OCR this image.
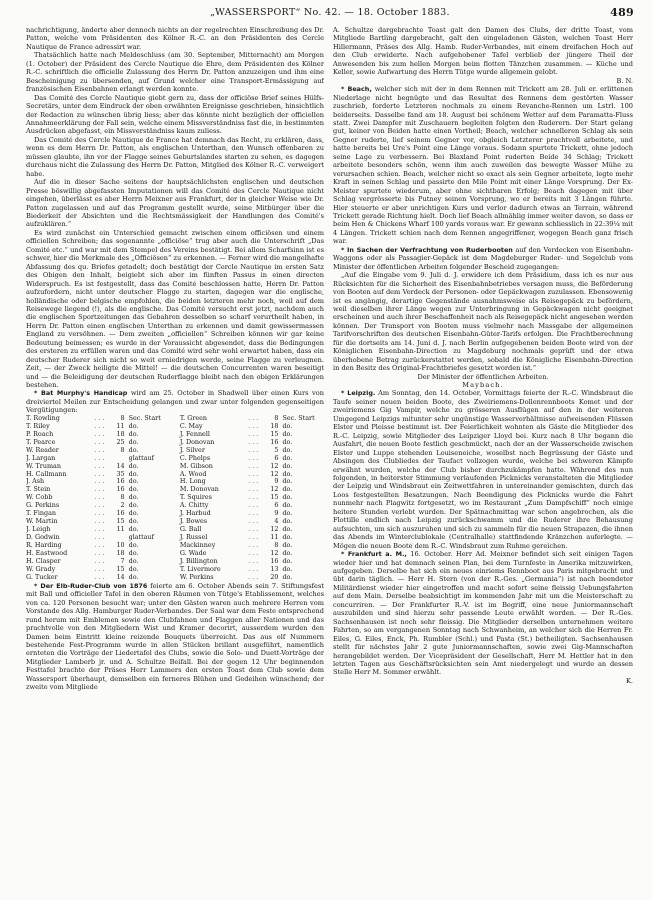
„WASSERSPORT“ No. 42. — 18. October 1883.	489

nachrichtigung, änderte aber dennoch nichts an der regelrechten Einschreibung des Dr. Patton, welche vom Präsidenten des Kölner R.-C. an den Präsidenten des Cercle Nautique de France adressirt war.

Thatsächlich hatte nach Meldeschluss (am 30. September, Mitternacht) am Morgen (1. October) der Präsident des Cercle Nautique die Ehre, dem Präsidenten des Kölner R.-C. schriftlich die officielle Zulassung des Herrn Dr. Patton anzuzeigen und ihm eine Bescheinigung zu übersenden, auf Grund welcher eine Transport-Ermässigung auf französischen Eisenbahnen erlangt werden konnte.

Das Comité des Cercle Nautique giebt gern zu, dass der officiöse Brief seines Hülfs-Secretärs, unter dem Eindruck der oben erwähnten Ereignisse geschrieben, hinsichtlich der Redaction zu wünschen übrig liess; aber das könnte nicht bezüglich der officiellen Annahmeerklärung der Fall sein, welche einem Missverständniss fast die, in bestimmten Ausdrücken abgefasst, ein Missverständniss kaum zuliess.

Das Comité des Cercle Nautique de France hat demnach das Recht, zu erklären, dass, wenn es dem Herrn Dr. Patton, als englischen Unterthan, den Wunsch offenbaren zu müssen glaubte, ihn vor der Flagge seines Geburtslandes starten zu sehen, es dagegen durchaus nicht die Zulassung des Herrn Dr. Patton, Mitglied des Kölner R.-C. verweigert habe.

Auf die in dieser Sache seitens der hauptsächlichsten englischen und deutschen Presse böswillig abgefassten Imputationen will das Comité des Cercle Nautique nicht eingehen, überlässt es aber Herrn Meixner aus Frankfurt, der in gleicher Weise wie Dr. Patton zugelassen und auf das Programm gestellt wurde, seine Mitbürger über die Biederkeit der Absichten und die Rechtsmässigkeit der Handlungen des Comité's aufzuklären.“

Es wird zunächst ein Unterschied gemacht zwischen einem officiösen und einem officiellen Schreiben; das sogenannte „officiöse“ trug aber auch die Unterschrift „Das Comité etc.“ und war mit dem Stempel des Vereins bestätigt. Bei allem Scharfsinn ist es schwer, hier die Merkmale des „Officiösen“ zu erkennen. — Ferner wird die mangelhafte Abfassung des qu. Briefes getadelt; doch bestätigt der Cercle Nautique im ersten Satz des Obigen den Inhalt, beigiebt sich aber im fünften Passus in einen directen Widerspruch. Es ist festgestellt, dass das Comité beschlossen hatte, Herrn Dr. Patton aufzufordern, nicht unter deutscher Flagge zu starten, dagegen war die englische, holländische oder belgische empfohlen, die beiden letzteren mehr noch, weil auf dem Reisewege liegend (!), als die englische. Das Comité versucht erst jetzt, nachdem auch die englischen Sportzeitungen das Gebahren desselben so scharf verurtheilt haben, in Herrn Dr. Patton einen englischen Unterthan zu erkennen und damit gewissermassen England zu versöhnen. — Dem zweiten „officiellen“ Schreiben können wir gar keine Bedeutung beimessen; es wurde in der Voraussicht abgesendet, dass die Bedingungen des ersteren zu erfüllen waren und das Comité wird sehr wohl erwartet haben, dass ein deutscher Ruderer sich nicht so weit erniedrigen werde, seine Flagge zu verleugnen. Zeit, — der Zweck heiligte die Mittel! — die deutschen Concurrenten waren beseitigt und — die Beleidigung der deutschen Ruderflagge bleibt nach den obigen Erklärungen bestehen.

* Bat Murphy's Handicap wird am 25. October in Shadwell über einen Kurs von dreiviertel Meilen zur Entscheidung gelangen und zwar unter folgenden gegenseitigen Vergütigungen:

T. Rowling	. . .	8	Sec. Start		T. Green	. . .	8	Sec. Start
T. Riley	. . .	11	do.		C. May	. . .	18	do.
P. Roach	. . .	18	do.		J. Fennell	. . .	15	do.
T. Pearce	. . .	25	do.		J. Donovan	. . .	16	do.
W. Reader	. . .	8	do.		J. Silver	. . .	5	do.
J. Largan	. . .		glattauf		C. Phelps	. . .	6	do.
W. Truman	. . .	14	do.		M. Gibson	. . .	12	do.
H. Callmann	. . .	35	do.		A. Wood	. . .	12	do.
J. Ash	. . .	16	do.		H. Long	. . .	9	do.
T. Stein	. . .	16	do.		M. Donovan	. . .	12	do.
W. Cobb	. . .	8	do.		T. Squires	. . .	15	do.
G. Perkins	. . .	2	do.		A. Chitty	. . .	6	do.
T. Fingan	. . .	16	do.		J. Harbud	. . .	9	do.
W. Martin	. . .	15	do.		J. Bowes	. . .	4	do.
J. Leigh	. . .	11	do.		G. Ball	. . .	12	do.
D. Godwin	. . .		glattauf		J. Russel	. . .	11	do.
R. Harding	. . .	10	do.		Mackinney	. . .	8	do.
H. Eastwood	. . .	18	do.		G. Wade	. . .	12	do.
H. Clasper	. . .	7	do.		J. Billington	. . .	16	do.
W. Grady	. . .	15	do.		T. Livermore	. . .	13	do.
G. Tucker	. . .	14	do.		W. Perkins	. . .	20	do.

* Der Elb-Ruder-Club von 1876 feierte am 6. October Abends sein 7. Stiftungsfest mit Ball und officieller Tafel in den oberen Räumen von Tütge's Etablissement, welches von ca. 120 Personen besucht war; unter den Gästen waren auch mehrere Herren vom Vorstande des Allg. Hamburger Ruder-Verbandes. Der Saal war dem Feste entsprechend rund herum mit Emblemen sowie den Clubfahnen und Flaggen aller Nationen und das prachtvolle von den Mitgliedern Wist und Kramer decorirt, ausserdem wurden den Damen beim Eintritt kleine reizende Bouquets überreicht. Das aus elf Nummern bestehende Fest-Programm wurde in allen Stücken brillant ausgeführt, namentlich ernteten die Vorträge der Liedertafel des Clubs, sowie die Solo- und Duett-Vorträge der Mitglieder Lamberb jr. und A. Schultze Beifall. Bei der gegen 12 Uhr beginnenden Festtafel brachte der Präses Herr Lammers den ersten Toast dem Club sowie dem Wassersport überhaupt, demselben ein ferneres Blühen und Gedeihen wünschend; der zweite vom Mitgliede

A. Schultze dargebrachte Toast galt den Damen des Clubs, der dritte Toast, vom Mitgliede Bartling dargebracht, galt den eingeladenen Gästen, welchen Toast Herr Hillermann, Präses des Allg. Hamb. Ruder-Verbandes, mit einem dreifachen Hoch auf den Club erwiderte. Nach aufgehobener Tafel verblieb der jüngere Theil der Anwesenden bis zum hellen Morgen beim flotten Tänzchen zusammen. — Küche und Keller, sowie Aufwartung des Herrn Tütge wurde allgemein gelobt.

B. N.

* Beach, welcher sich mit der in dem Rennen mit Trickett am 28. Juli er. erlittenen Niederlage nicht begnügte und das Resultat des Rennens dem gestörten Wasser zuschrieb, forderte Letzteren nochmals zu einem Revanche-Rennen um Lstrl. 100 beiderseits. Dasselbe fand am 18. August bei schönem Wetter auf dem Paramatta-Fluss statt. Zwei Dampfer mit Zuschauern begleiten folgten den Ruderern. Der Start gelang gut, keiner von Beiden hatte einen Vortheil; Beach, welcher schnelleren Schlag als sein Gegner ruderte, lief seinem Gegner vor, obgleich Letzterer prachtvoll arbeitete, und hatte bereits bei Ure's Point eine Länge voraus. Sodann spurtete Trickett, ohne jedoch seine Lage zu verbessern. Bei Blaxland Point ruderten Beide 34 Schlag; Trickett arbeitete besonders schön, wenn ihm auch zuweilen das bewegte Wasser Mühe zu verursachen schien. Beach, welcher nicht so exact als sein Gegner arbeitete, legte mehr Kraft in seinen Schlag und passirte den Mile Point mit einer Länge Vorsprung. Der Ex-Meister spurtete wiederum, aber ohne sichtbaren Erfolg; Beach dagegen mit über Schlag vergrösserte bis Putney seinen Vorsprung, wo er bereits mit 3 Längen führte. Hier steuerte er aber unrichtigen Kurs und verlor dadurch etwas an Terrain, während Trickett gerade Richtung hielt. Doch lief Beach allmählig immer weiter davon, so dass er beim Hen & Chickens Wharf 100 yards voraus war. Er gewann schliesslich in 22:39¼ mit 4 Längen. Trickett schien nach dem Rennen angegriffener, wogegen Beach ganz frisch war.

* In Sachen der Verfrachtung von Ruderbooten auf den Verdecken von Eisenbahn-Waggons oder als Passagier-Gepäck ist dem Magdeburger Ruder- und Segelclub vom Minister der öffentlichen Arbeiten folgender Bescheid zugegangen:

„Auf die Eingabe vom 9. Juli d. J. erwidere ich dem Präsidium, dass ich es nur aus Rücksichten für die Sicherheit des Eisenbahnbetriebes versagen muss, die Beförderung von Booten auf dem Verdeck der Personen- oder Gepäckwagen zuzulassen. Ebensowenig ist es angängig, derartige Gegenstände ausnahmsweise als Reisegepäck zu befördern, weil dieselben ihrer Länge wegen zur Unterbringung in Gepäckwagen nicht geeignet erscheinen und auch ihrer Beschaffenheit nach als Reisegepäck nicht angesehen werden können. Der Transport von Booten muss vielmehr nach Massgabe der allgemeinen Tarifvorschriften des deutschen Eisenbahn-Güter-Tarifs erfolgen. Die Frachtberechnung für die dortseits am 14. Juni d. J. nach Berlin aufgegebenen beiden Boote wird von der Königlichen Eisenbahn-Direction zu Magdeburg nochmals geprüft und der etwa überhobene Betrag zurückerstattet werden, sobald die Königliche Eisenbahn-Direction in den Besitz des Original-Frachtbriefes gesetzt worden ist.“

Der Minister der öffentlichen Arbeiten.
Maybach.

* Leipzig. Am Sonntag, den 14. October, Vormittags feierte der R.-C. Windsbraut die Taufe seiner neuen beiden Boote, des Zweiriemens-Dollenrennboots Komet und der zweiriemens Gig Vampir, welche zu grösseren Ausflügen auf den in der weiteren Umgegend Leipzigs mitunter sehr ungünstige Wasserverhältnisse aufweisenden Flüssen Elster und Pleisse bestimmt ist. Der Feierlichkeit wohnten als Gäste die Mitglieder des R.-C. Leipzig, sowie Mitglieder des Leipziger Lloyd bei. Kurz nach 8 Uhr begann die Ausfahrt, die neuen Boote festlich geschmückt, nach der an der Wasserscheide zwischen Elster und Luppe stehenden Louiseneiche, woselbst nach Begrüssung der Gäste und Absingen des Clubliedes der Taufact vollzogen wurde, welche bei schweren Kämpfe erwähnt wurden, welche der Club bisher durchzukämpfen hatte. Während des nun folgenden, in heiterster Stimmung verlaufenden Picknicks veranstalteten die Mitglieder der Leipzig und Windsbraut ein Zeitwettfahren in untereinander gemischten, durch das Loos festgestellten Besatzungen. Nach Beendigung des Picknicks wurde die Fahrt nunmehr nach Plagwitz fortgesetzt, wo im Restaurant „Zum Dampfschiff“ noch einige heitere Stunden verlebt wurden. Der Spätnachmittag war schon angebrochen, als die Flottille endlich nach Leipzig zurückschwamm und die Ruderer ihre Behausung aufsuchten, um sich auszuruhen und sich zu sammeln für die neuen Strapazen, die ihnen das Abends im Winterclublokale (Centralhalle) stattfindende Kränzchen auferlegte. — Mögen die neuen Boote dem R.-C. Windsbraut zum Ruhme gereichen.

* Frankfurt a. M., 16. October. Herr Ad. Meixner befindet sich seit einigen Tagen wieder hier und hat demnach seinen Plan, bei dem Turnfeste in Amerika mitzuwirken, aufgegeben. Derselbe hat sich ein neues einriems Rennboot aus Paris mitgebracht und übt darin täglich. — Herr H. Stern (von der R.-Ges. „Germania“) ist nach beendeter Militärdienst wieder hier eingetroffen und macht sofort seine fleissig Uebungsfahrten auf dem Main. Derselbe beabsichtigt im kommenden Jahr mit um die Meisterschaft zu concurriren. — Der Frankfurter R.-V. ist im Begriff, eine neue Juniormannschaft auszubilden und sind hierzu sehr passende Leute erwählt worden. — Der R.-Ges. Sachsenhausen ist noch sehr fleissig. Die Mitglieder derselben unternehmen weitere Fahrten, so am vergangenen Sonntag nach Schwanheim, an welcher sich die Herren Fr. Eiles, G. Eiles, Enck, Ph. Rumbler (Schl.) und Pasta (St.) betheiligten. Sachsenhausen stellt für nächstes Jahr 2 gute Juniormannschaften, sowie zwei Gig-Mannschaften herangebildet werden. Der Vicepräsident der Gesellschaft, Herr M. Hettler hat in den letzten Tagen aus Geschäftsrücksichten sein Amt niedergelegt und wurde an dessen Stelle Herr M. Sommer erwählt.

K.
